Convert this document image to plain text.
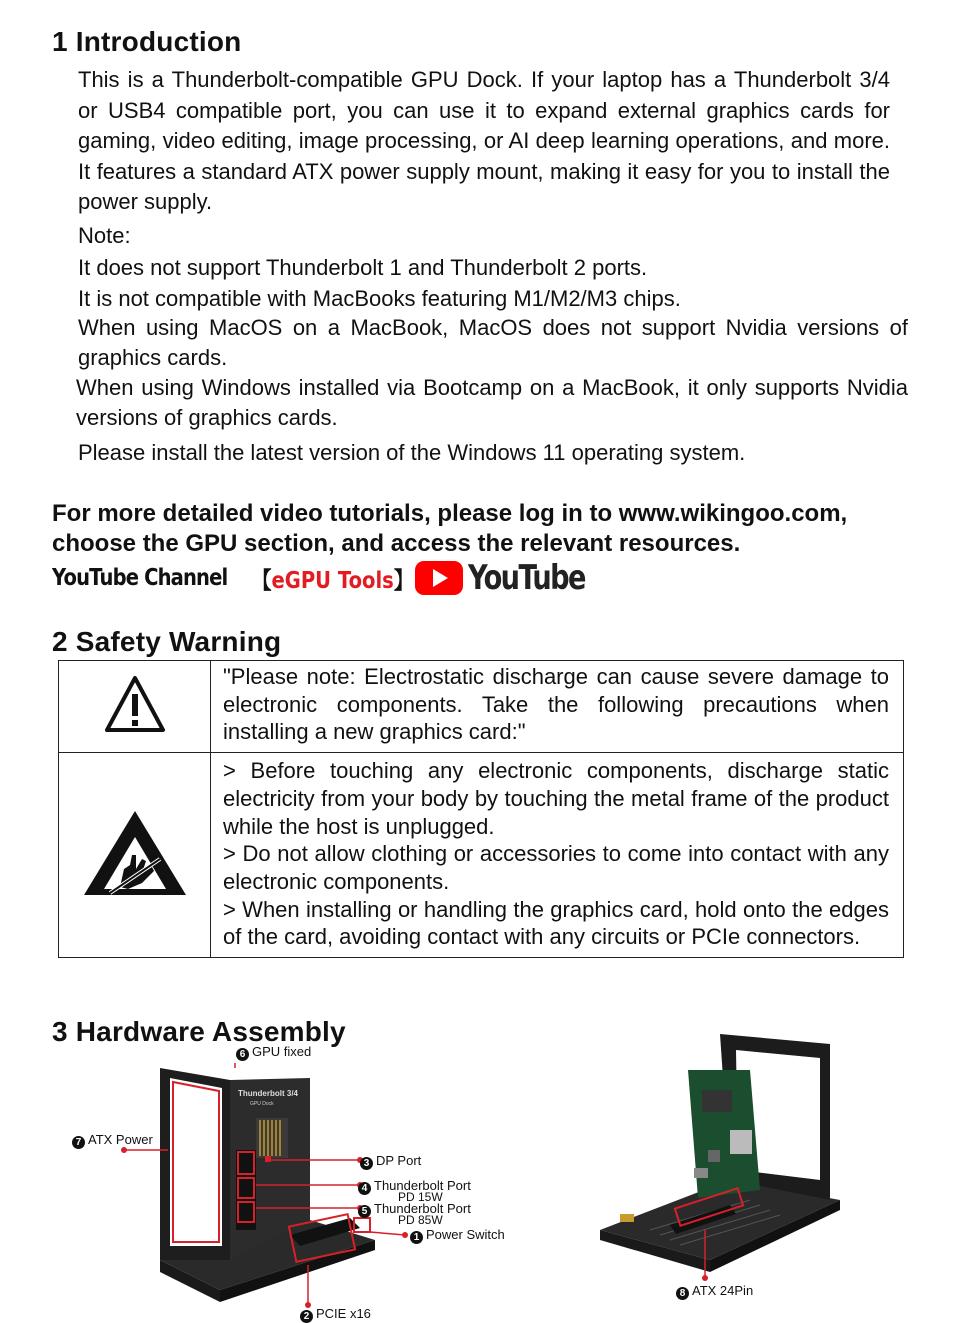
1 Introduction
This is a Thunderbolt-compatible GPU Dock. If your laptop has a Thunderbolt 3/4 or USB4 compatible port, you can use it to expand external graphics cards for gaming, video editing, image processing, or AI deep learning operations, and more. It features a standard ATX power supply mount, making it easy for you to install the power supply.
Note:
It does not support Thunderbolt 1 and Thunderbolt 2 ports.
It is not compatible with MacBooks featuring M1/M2/M3 chips.
When using MacOS on a MacBook, MacOS does not support Nvidia versions of graphics cards.
When using Windows installed via Bootcamp on a MacBook, it only supports Nvidia versions of graphics cards.
Please install the latest version of the Windows 11 operating system.
For more detailed video tutorials, please log in to www.wikingoo.com,
choose the GPU section, and access the relevant resources.
YouTube Channel 【eGPU Tools】 YouTube
2 Safety Warning
	"Please note: Electrostatic discharge can cause severe damage to electronic components. Take the following precautions when installing a new graphics card:"

> Before touching any electronic components, discharge static electricity from your body by touching the metal frame of the product while the host is unplugged.
> Do not allow clothing or accessories to come into contact with any electronic components.
> When installing or handling the graphics card, hold onto the edges of the card, avoiding contact with any circuits or PCIe connectors.
3 Hardware Assembly
Thunderbolt 3/4
GPU Dock
6 GPU fixed
7 ATX Power
3 DP Port
4 Thunderbolt Port
PD 15W
5 Thunderbolt Port
PD 85W
1 Power Switch
2 PCIE x16
8 ATX 24Pin
